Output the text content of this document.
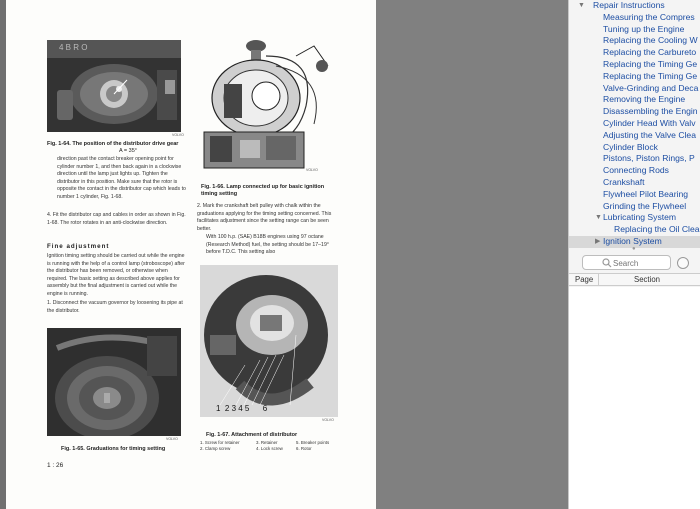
4 B R O
VOLVO
Fig. 1-64. The position of the distributor drive gear
A = 35°
direction past the contact breaker opening point for cylinder number 1, and then back again in a clockwise direction until the lamp just lights up. Tighten the distributor in this position. Make sure that the rotor is opposite the contact in the distributor cap which leads to number 1 cylinder, Fig. 1-68.
4. Fit the distributor cap and cables in order as shown in Fig. 1-68. The rotor rotates in an anti-clockwise direction.
Fine adjustment
Ignition timing setting should be carried out while the engine is running with the help of a control lamp (stroboscope) after the distributor has been removed, or otherwise when required. The basic setting as described above applies for assembly but the final adjustment is carried out while the engine is running.
1. Disconnect the vacuum governor by loosening its pipe at the distributor.
VOLVO
Fig. 1-65. Graduations for timing setting
1 : 26
VOLVO
Fig. 1-66. Lamp connected up for basic ignition timing setting
2. Mark the crankshaft belt pulley with chalk within the graduations applying for the timing setting concerned. This facilitates adjustment since the setting range can be seen better.
With 100 h.p. (SAE) B18B engines using 97 octane (Research Method) fuel, the setting should be 17–19° before T.D.C. This setting also
1  2 3 4 5      6
VOLVO
Fig. 1-67. Attachment of distributor
1. Screw for retainer
2. Clamp screw
3. Retainer
4. Lock screw
5. Breaker points
6. Rotor
▼ Repair Instructions
Measuring the Compres
Tuning up the Engine
Replacing the Cooling W
Replacing the Carbureto
Replacing the Timing Ge
Replacing the Timing Ge
Valve-Grinding and Deca
Removing the Engine
Disassembling the Engin
Cylinder Head With Valv
Adjusting the Valve Clea
Cylinder Block
Pistons, Piston Rings, P
Connecting Rods
Crankshaft
Flywheel Pilot Bearing
Grinding the Flywheel
▼ Lubricating System
Replacing the Oil Clea
▶ Ignition System
●
Search
Page	Section
